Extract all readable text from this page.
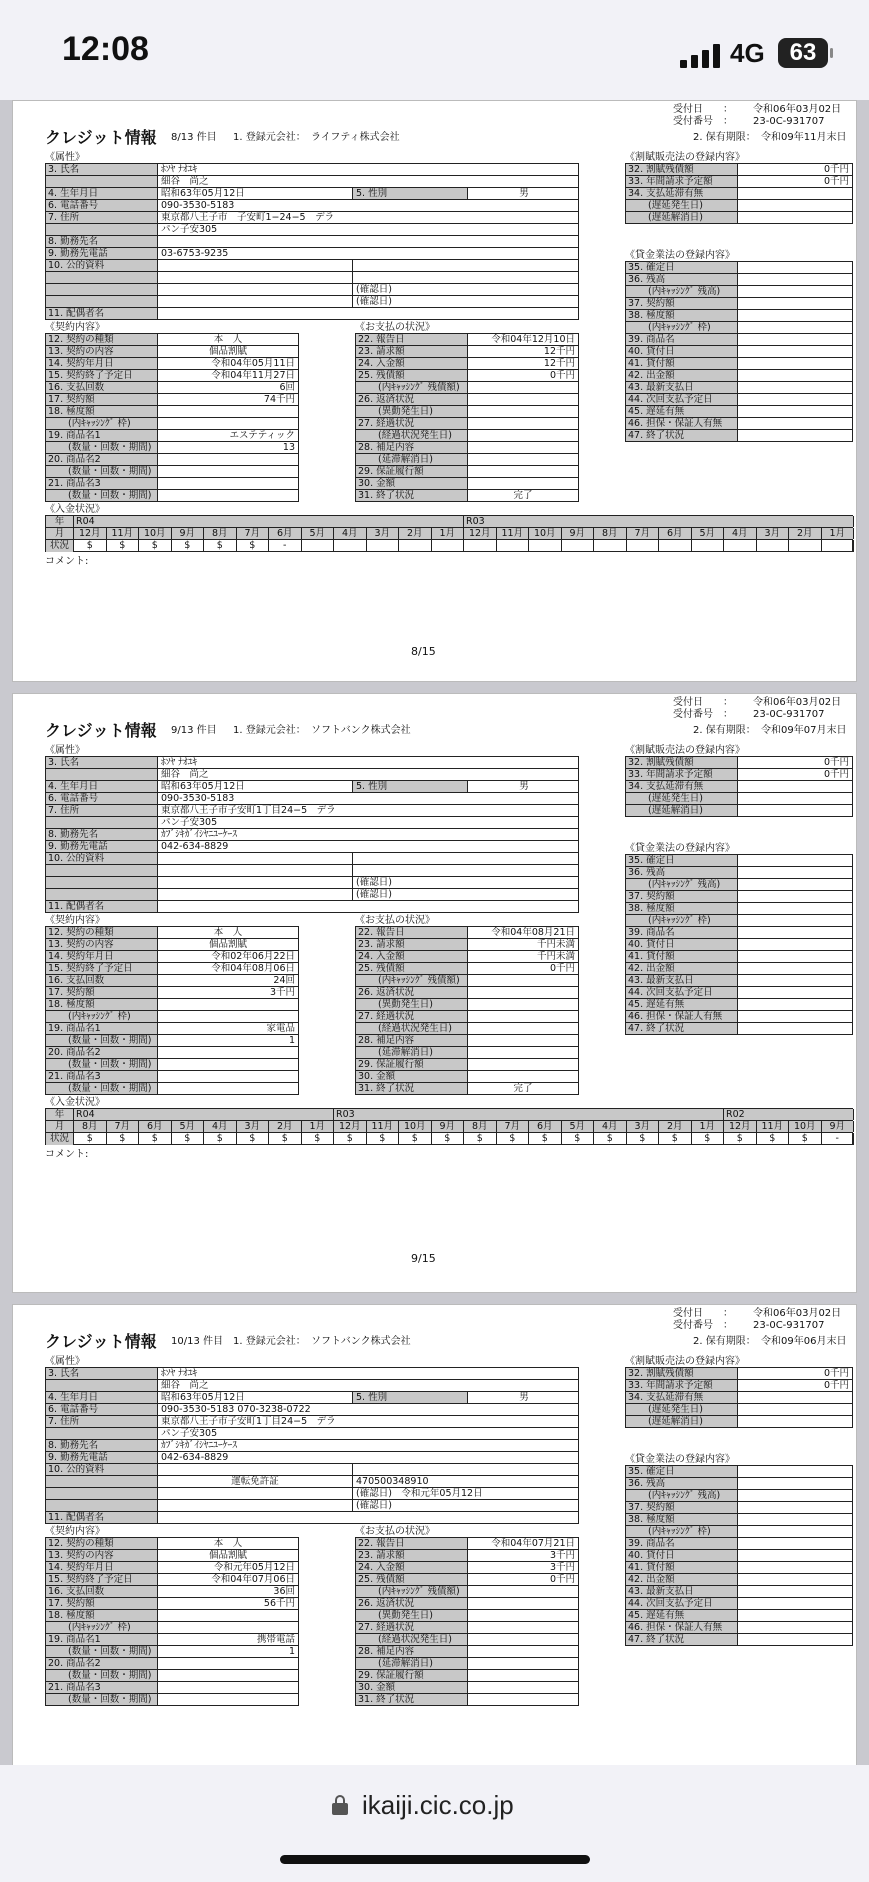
12:08	4G	63
受付日　　： 令和06年03月02日
受付番号　： 23-0C-931707
クレジット情報 8/13 件目 1. 登録元会社： ライフティ株式会社	2. 保有期限： 令和09年11月末日
《属性》
3. 氏名	ﾎｿﾔ ﾅｵﾕｷ
細谷　尚之
4. 生年月日	昭和63年05月12日	5. 性別	男
6. 電話番号	090-3530-5183
7. 住所	東京都八王子市　子安町1−24−5　デラ
パン子安305
8. 勤務先名
9. 勤務先電話	03-6753-9235
10. 公的資料
(確認日)
(確認日)
11. 配偶者名
《契約内容》
12. 契約の種類	本　人
13. 契約の内容	個品割賦
14. 契約年月日	令和04年05月11日
15. 契約終了予定日	令和04年11月27日
16. 支払回数	6回
17. 契約額	74千円
18. 極度額
(内ｷｬｯｼﾝｸﾞ 枠)
19. 商品名1	エステティック
(数量・回数・期間)	13
20. 商品名2
(数量・回数・期間)
21. 商品名3
(数量・回数・期間)
《お支払の状況》
22. 報告日	令和04年12月10日
23. 請求額	12千円
24. 入金額	12千円
25. 残債額	0千円
(内ｷｬｯｼﾝｸﾞ 残債額)
26. 返済状況
(異動発生日)
27. 経過状況
(経過状況発生日)
28. 補足内容
(延滞解消日)
29. 保証履行額
30. 金額
31. 終了状況	完了
《割賦販売法の登録内容》
32. 割賦残債額	0千円
33. 年間請求予定額	0千円
34. 支払延滞有無
(遅延発生日)
(遅延解消日)
《貸金業法の登録内容》
35. 確定日
36. 残高
(内ｷｬｯｼﾝｸﾞ 残高)
37. 契約額
38. 極度額
(内ｷｬｯｼﾝｸﾞ 枠)
39. 商品名
40. 貸付日
41. 貸付額
42. 出金額
43. 最新支払日
44. 次回支払予定日
45. 遅延有無
46. 担保・保証人有無
47. 終了状況
《入金状況》
年	R04	R03
月	12月	11月	10月	9月	8月	7月	6月	5月	4月	3月	2月	1月	12月	11月	10月	9月	8月	7月	6月	5月	4月	3月	2月	1月
状況	$	$	$	$	$	$	-
コメント:
8/15
受付日　　： 令和06年03月02日
受付番号　： 23-0C-931707
クレジット情報 9/13 件目 1. 登録元会社： ソフトバンク株式会社	2. 保有期限： 令和09年07月末日
《属性》
3. 氏名	ﾎｿﾔ ﾅｵﾕｷ
細谷　尚之
4. 生年月日	昭和63年05月12日	5. 性別	男
6. 電話番号	090-3530-5183
7. 住所	東京都八王子市子安町1丁目24−5　デラ
パン子安305
8. 勤務先名	ｶﾌﾞｼｷｶﾞｲｼﾔﾆﾕｰｹｰｽ
9. 勤務先電話	042-634-8829
10. 公的資料
(確認日)
(確認日)
11. 配偶者名
《契約内容》
12. 契約の種類	本　人
13. 契約の内容	個品割賦
14. 契約年月日	令和02年06月22日
15. 契約終了予定日	令和04年08月06日
16. 支払回数	24回
17. 契約額	3千円
18. 極度額
(内ｷｬｯｼﾝｸﾞ 枠)
19. 商品名1	家電品
(数量・回数・期間)	1
20. 商品名2
(数量・回数・期間)
21. 商品名3
(数量・回数・期間)
《お支払の状況》
22. 報告日	令和04年08月21日
23. 請求額	千円未満
24. 入金額	千円未満
25. 残債額	0千円
(内ｷｬｯｼﾝｸﾞ 残債額)
26. 返済状況
(異動発生日)
27. 経過状況
(経過状況発生日)
28. 補足内容
(延滞解消日)
29. 保証履行額
30. 金額
31. 終了状況	完了
《割賦販売法の登録内容》
32. 割賦残債額	0千円
33. 年間請求予定額	0千円
34. 支払延滞有無
(遅延発生日)
(遅延解消日)
《貸金業法の登録内容》
35. 確定日
36. 残高
(内ｷｬｯｼﾝｸﾞ 残高)
37. 契約額
38. 極度額
(内ｷｬｯｼﾝｸﾞ 枠)
39. 商品名
40. 貸付日
41. 貸付額
42. 出金額
43. 最新支払日
44. 次回支払予定日
45. 遅延有無
46. 担保・保証人有無
47. 終了状況
《入金状況》
年	R04	R03	R02
月	8月	7月	6月	5月	4月	3月	2月	1月	12月	11月	10月	9月	8月	7月	6月	5月	4月	3月	2月	1月	12月	11月	10月	9月
状況	$	$	$	$	$	$	$	$	$	$	$	$	$	$	$	$	$	$	$	$	$	$	$	-
コメント:
9/15
受付日　　： 令和06年03月02日
受付番号　： 23-0C-931707
クレジット情報 10/13 件目 1. 登録元会社： ソフトバンク株式会社	2. 保有期限： 令和09年06月末日
《属性》
3. 氏名	ﾎｿﾔ ﾅｵﾕｷ
細谷　尚之
4. 生年月日	昭和63年05月12日	5. 性別	男
6. 電話番号	090-3530-5183 070-3238-0722
7. 住所	東京都八王子市子安町1丁目24−5　デラ
パン子安305
8. 勤務先名	ｶﾌﾞｼｷｶﾞｲｼﾔﾆﾕｰｹｰｽ
9. 勤務先電話	042-634-8829
10. 公的資料
運転免許証	470500348910
(確認日)　令和元年05月12日
(確認日)
11. 配偶者名
《契約内容》
12. 契約の種類	本　人
13. 契約の内容	個品割賦
14. 契約年月日	令和元年05月12日
15. 契約終了予定日	令和04年07月06日
16. 支払回数	36回
17. 契約額	56千円
18. 極度額
(内ｷｬｯｼﾝｸﾞ 枠)
19. 商品名1	携帯電話
(数量・回数・期間)	1
20. 商品名2
(数量・回数・期間)
21. 商品名3
(数量・回数・期間)
《お支払の状況》
22. 報告日	令和04年07月21日
23. 請求額	3千円
24. 入金額	3千円
25. 残債額	0千円
(内ｷｬｯｼﾝｸﾞ 残債額)
26. 返済状況
(異動発生日)
27. 経過状況
(経過状況発生日)
28. 補足内容
(延滞解消日)
29. 保証履行額
30. 金額
31. 終了状況
《割賦販売法の登録内容》
32. 割賦残債額	0千円
33. 年間請求予定額	0千円
34. 支払延滞有無
(遅延発生日)
(遅延解消日)
《貸金業法の登録内容》
35. 確定日
36. 残高
(内ｷｬｯｼﾝｸﾞ 残高)
37. 契約額
38. 極度額
(内ｷｬｯｼﾝｸﾞ 枠)
39. 商品名
40. 貸付日
41. 貸付額
42. 出金額
43. 最新支払日
44. 次回支払予定日
45. 遅延有無
46. 担保・保証人有無
47. 終了状況
ikaiji.cic.co.jp
